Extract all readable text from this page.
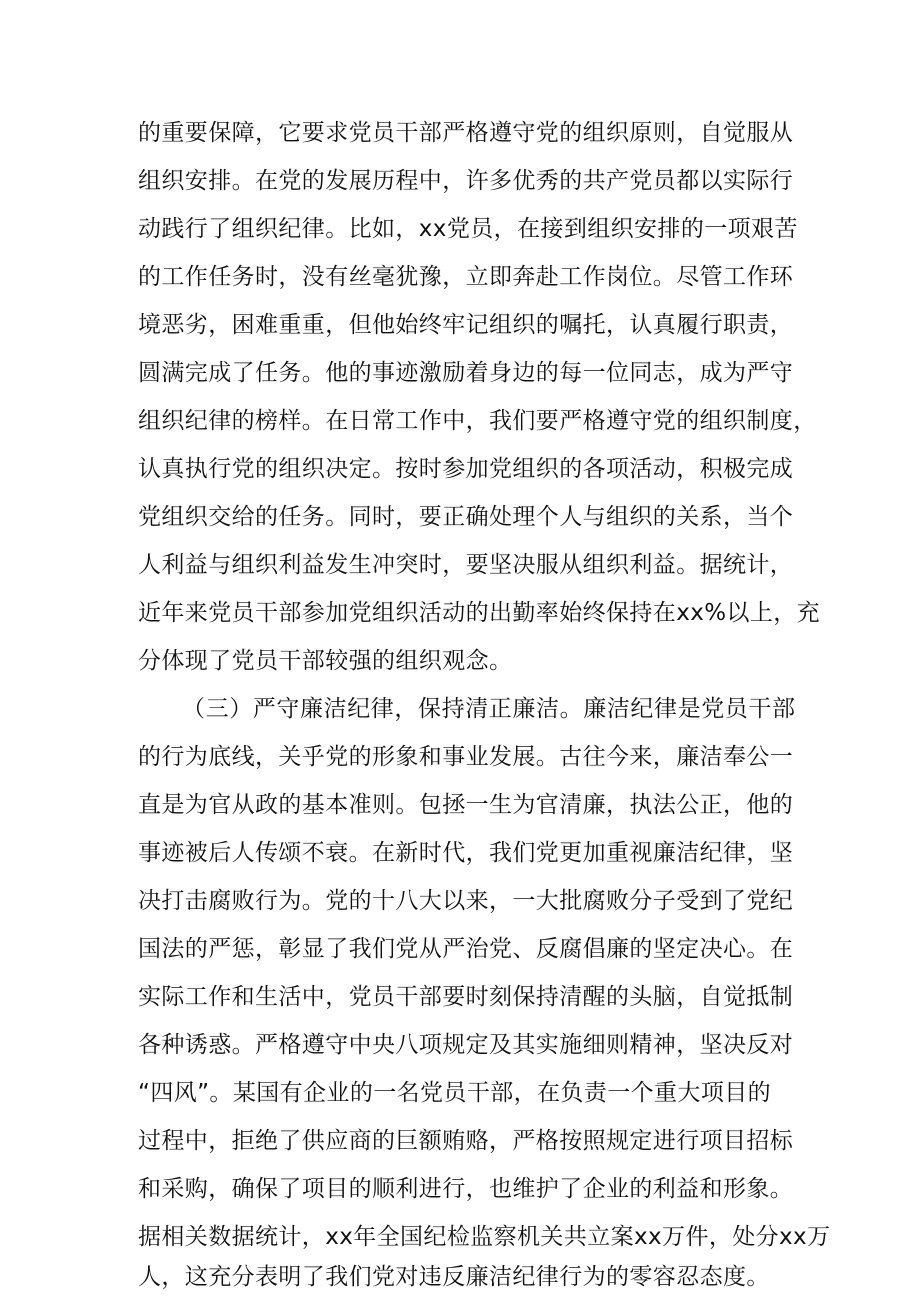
的重要保障，它要求党员干部严格遵守党的组织原则，自觉服从
组织安排。在党的发展历程中，许多优秀的共产党员都以实际行
动践行了组织纪律。比如，xx党员，在接到组织安排的一项艰苦
的工作任务时，没有丝毫犹豫，立即奔赴工作岗位。尽管工作环
境恶劣，困难重重，但他始终牢记组织的嘱托，认真履行职责，
圆满完成了任务。他的事迹激励着身边的每一位同志，成为严守
组织纪律的榜样。在日常工作中，我们要严格遵守党的组织制度，
认真执行党的组织决定。按时参加党组织的各项活动，积极完成
党组织交给的任务。同时，要正确处理个人与组织的关系，当个
人利益与组织利益发生冲突时，要坚决服从组织利益。据统计，
近年来党员干部参加党组织活动的出勤率始终保持在xx%以上，充
分体现了党员干部较强的组织观念。
（三）严守廉洁纪律，保持清正廉洁。廉洁纪律是党员干部
的行为底线，关乎党的形象和事业发展。古往今来，廉洁奉公一
直是为官从政的基本准则。包拯一生为官清廉，执法公正，他的
事迹被后人传颂不衰。在新时代，我们党更加重视廉洁纪律，坚
决打击腐败行为。党的十八大以来，一大批腐败分子受到了党纪
国法的严惩，彰显了我们党从严治党、反腐倡廉的坚定决心。在
实际工作和生活中，党员干部要时刻保持清醒的头脑，自觉抵制
各种诱惑。严格遵守中央八项规定及其实施细则精神，坚决反对
“四风”。某国有企业的一名党员干部，在负责一个重大项目的
过程中，拒绝了供应商的巨额贿赂，严格按照规定进行项目招标
和采购，确保了项目的顺利进行，也维护了企业的利益和形象。
据相关数据统计，xx年全国纪检监察机关共立案xx万件，处分xx万
人，这充分表明了我们党对违反廉洁纪律行为的零容忍态度。
